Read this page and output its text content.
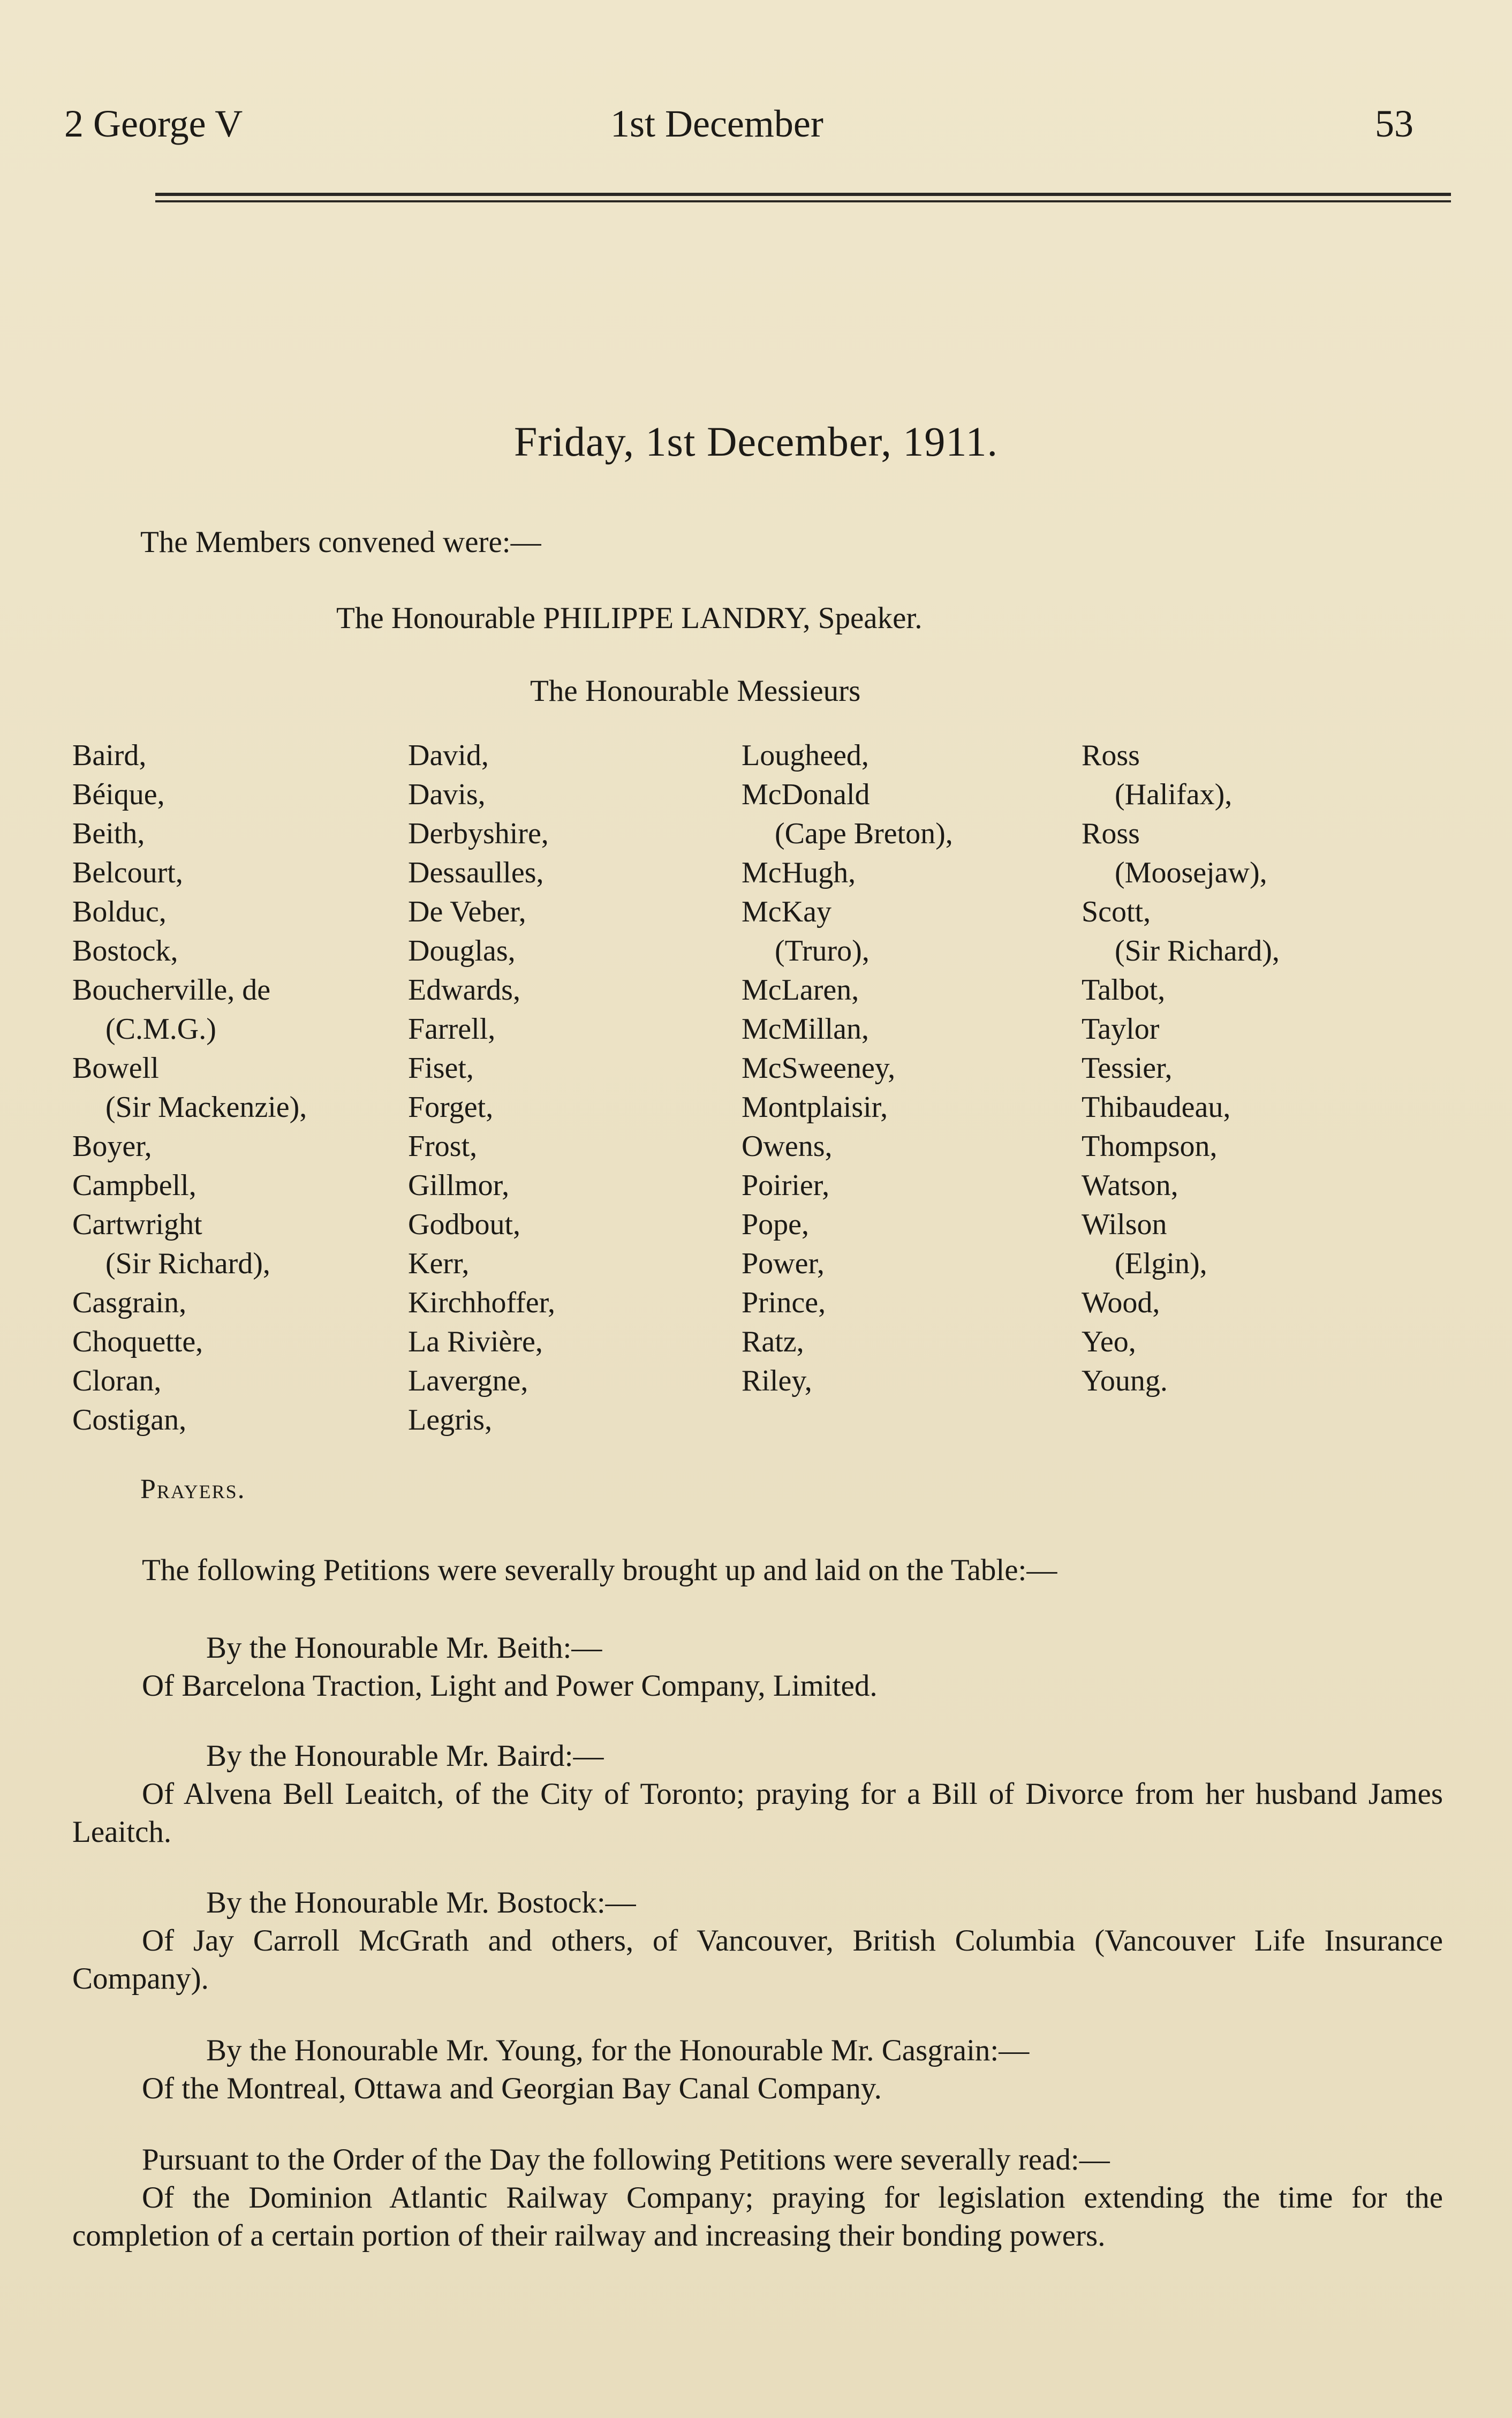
2 George V	1st December	53
Friday, 1st December, 1911.
The Members convened were:—
The Honourable PHILIPPE LANDRY, Speaker.
The Honourable Messieurs
Baird,
Béique,
Beith,
Belcourt,
Bolduc,
Bostock,
Boucherville, de
(C.M.G.)
Bowell
(Sir Mackenzie),
Boyer,
Campbell,
Cartwright
(Sir Richard),
Casgrain,
Choquette,
Cloran,
Costigan,
David,
Davis,
Derbyshire,
Dessaulles,
De Veber,
Douglas,
Edwards,
Farrell,
Fiset,
Forget,
Frost,
Gillmor,
Godbout,
Kerr,
Kirchhoffer,
La Rivière,
Lavergne,
Legris,
Lougheed,
McDonald
(Cape Breton),
McHugh,
McKay
(Truro),
McLaren,
McMillan,
McSweeney,
Montplaisir,
Owens,
Poirier,
Pope,
Power,
Prince,
Ratz,
Riley,
Ross
(Halifax),
Ross
(Moosejaw),
Scott,
(Sir Richard),
Talbot,
Taylor
Tessier,
Thibaudeau,
Thompson,
Watson,
Wilson
(Elgin),
Wood,
Yeo,
Young.
Prayers.
The following Petitions were severally brought up and laid on the Table:—
By the Honourable Mr. Beith:—
Of Barcelona Traction, Light and Power Company, Limited.
By the Honourable Mr. Baird:—
Of Alvena Bell Leaitch, of the City of Toronto; praying for a Bill of Divorce from her husband James Leaitch.
By the Honourable Mr. Bostock:—
Of Jay Carroll McGrath and others, of Vancouver, British Columbia (Vancouver Life Insurance Company).
By the Honourable Mr. Young, for the Honourable Mr. Casgrain:—
Of the Montreal, Ottawa and Georgian Bay Canal Company.
Pursuant to the Order of the Day the following Petitions were severally read:—
Of the Dominion Atlantic Railway Company; praying for legislation extending the time for the completion of a certain portion of their railway and increasing their bonding powers.
